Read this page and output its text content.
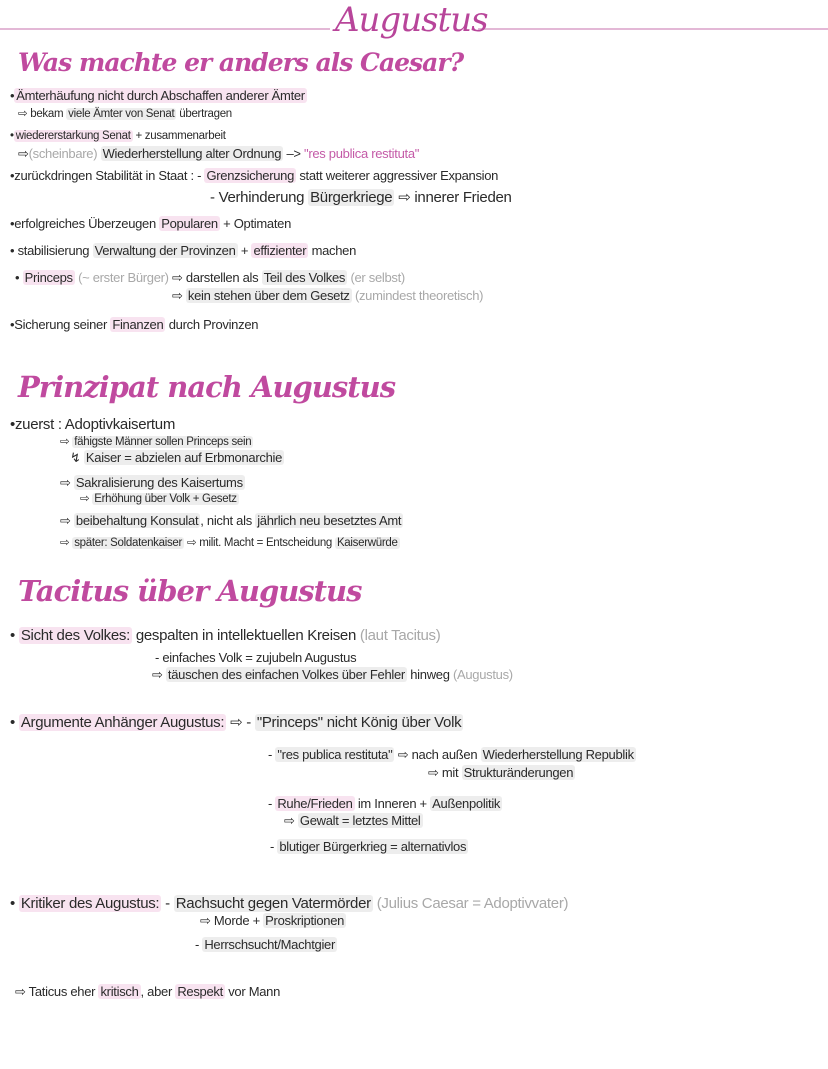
Augustus
Was machte er anders als Caesar?
Prinzipat nach Augustus
Tacitus über Augustus
• Ämterhäufung nicht durch Abschaffen anderer Ämter
⇨ bekam viele Ämter von Senat übertragen
• wiedererstarkung Senat + zusammenarbeit
⇨(scheinbare) Wiederherstellung alter Ordnung –> "res publica restituta"
•zurückdringen Stabilität in Staat : - Grenzsicherung statt weiterer aggressiver Expansion
- Verhinderung Bürgerkriege ⇨ innerer Frieden
•erfolgreiches Überzeugen Popularen + Optimaten
• stabilisierung Verwaltung der Provinzen + effizienter machen
• Princeps (~ erster Bürger) ⇨ darstellen als Teil des Volkes (er selbst)
⇨ kein stehen über dem Gesetz (zumindest theoretisch)
•Sicherung seiner Finanzen durch Provinzen
•zuerst : Adoptivkaisertum
⇨ fähigste Männer sollen Princeps sein
↯ Kaiser = abzielen auf Erbmonarchie
⇨ Sakralisierung des Kaisertums
⇨ Erhöhung über Volk + Gesetz
⇨ beibehaltung Konsulat , nicht als jährlich neu besetztes Amt
⇨ später: Soldatenkaiser ⇨ milit. Macht = Entscheidung Kaiserwürde
• Sicht des Volkes: gespalten in intellektuellen Kreisen (laut Tacitus)
- einfaches Volk = zujubeln Augustus
⇨ täuschen des einfachen Volkes über Fehler hinweg (Augustus)
• Argumente Anhänger Augustus: ⇨ - "Princeps" nicht König über Volk
- "res publica restituta" ⇨ nach außen Wiederherstellung Republik
⇨ mit Strukturänderungen
- Ruhe/Frieden im Inneren + Außenpolitik
⇨ Gewalt = letztes Mittel
- blutiger Bürgerkrieg = alternativlos
• Kritiker des Augustus: - Rachsucht gegen Vatermörder (Julius Caesar = Adoptivvater)
⇨ Morde + Proskriptionen
- Herrschsucht/Machtgier
⇨ Taticus eher kritisch , aber Respekt vor Mann
